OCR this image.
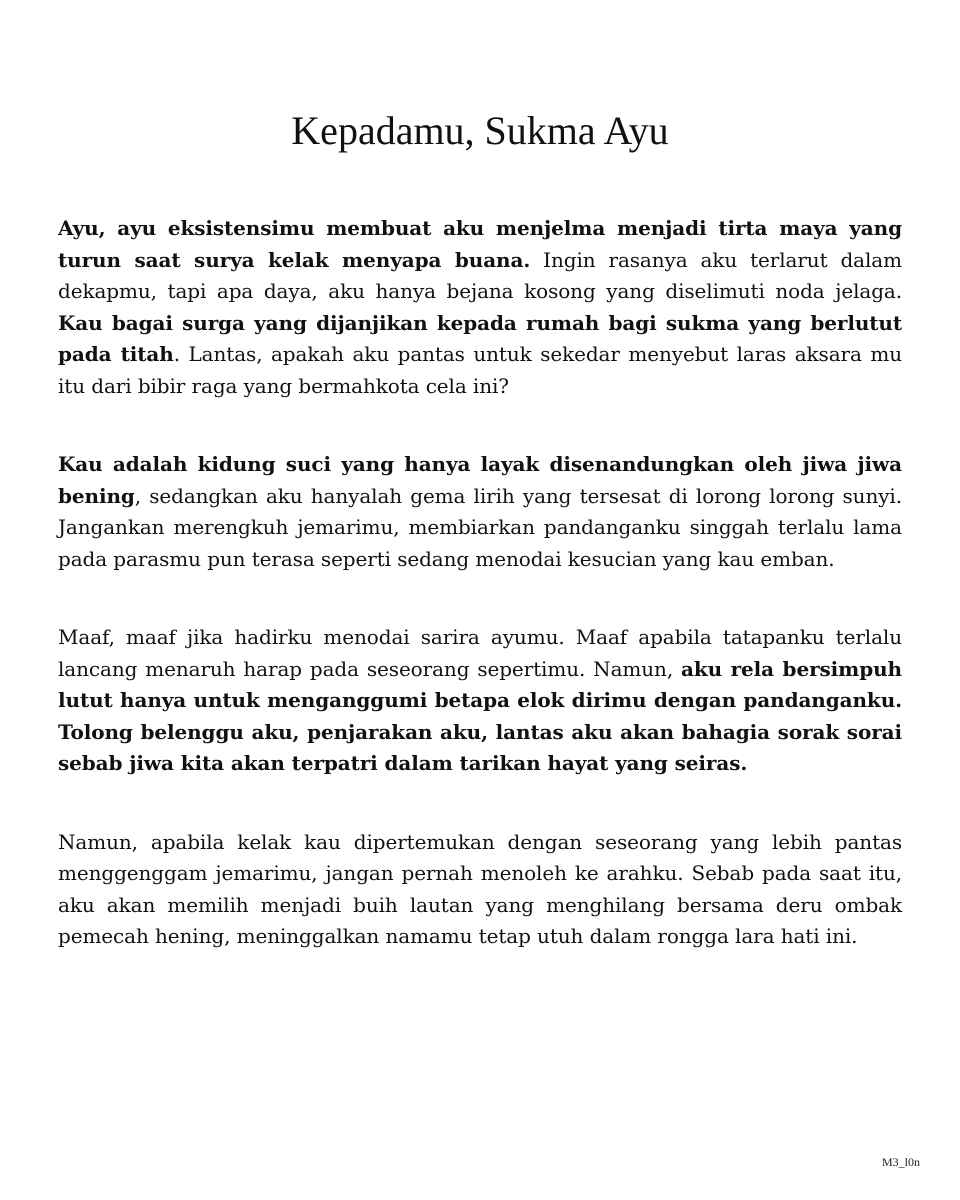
Kepadamu, Sukma Ayu

Ayu, ayu eksistensimu membuat aku menjelma menjadi tirta maya yang turun saat surya kelak menyapa buana. Ingin rasanya aku terlarut dalam dekapmu, tapi apa daya, aku hanya bejana kosong yang diselimuti noda jelaga. Kau bagai surga yang dijanjikan kepada rumah bagi sukma yang berlutut pada titah. Lantas, apakah aku pantas untuk sekedar menyebut laras aksara mu itu dari bibir raga yang bermahkota cela ini?

Kau adalah kidung suci yang hanya layak disenandungkan oleh jiwa jiwa bening, sedangkan aku hanyalah gema lirih yang tersesat di lorong lorong sunyi. Jangankan merengkuh jemarimu, membiarkan pandanganku singgah terlalu lama pada parasmu pun terasa seperti sedang menodai kesucian yang kau emban.

Maaf, maaf jika hadirku menodai sarira ayumu. Maaf apabila tatapanku terlalu lancang menaruh harap pada seseorang sepertimu. Namun, aku rela bersimpuh lutut hanya untuk menganggumi betapa elok dirimu dengan pandanganku. Tolong belenggu aku, penjarakan aku, lantas aku akan bahagia sorak sorai sebab jiwa kita akan terpatri dalam tarikan hayat yang seiras.

Namun, apabila kelak kau dipertemukan dengan seseorang yang lebih pantas menggenggam jemarimu, jangan pernah menoleh ke arahku. Sebab pada saat itu, aku akan memilih menjadi buih lautan yang menghilang bersama deru ombak pemecah hening, meninggalkan namamu tetap utuh dalam rongga lara hati ini.

M3_l0n
